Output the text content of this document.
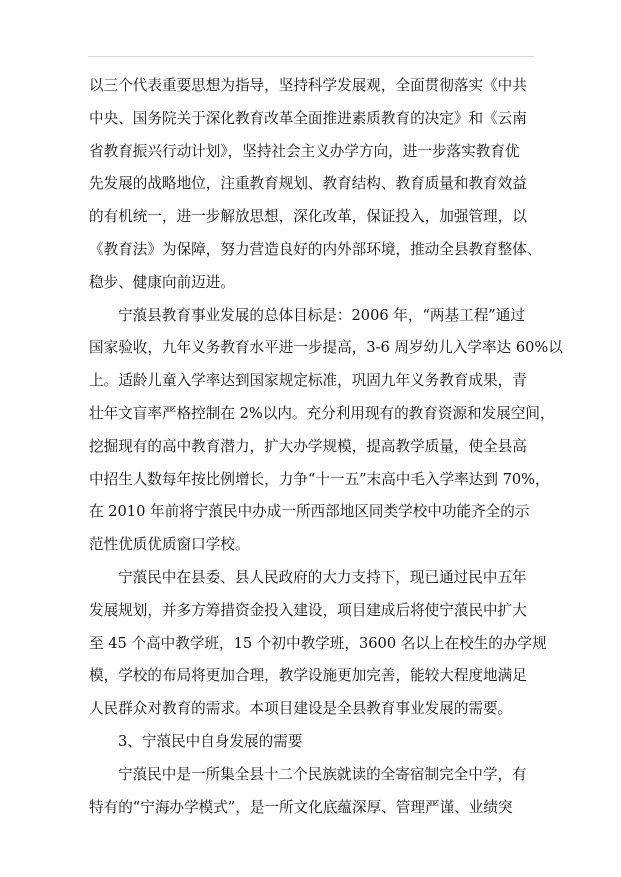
以三个代表重要思想为指导，坚持科学发展观，全面贯彻落实《中共
中央、国务院关于深化教育改革全面推进素质教育的决定》和《云南
省教育振兴行动计划》，坚持社会主义办学方向，进一步落实教育优
先发展的战略地位，注重教育规划、教育结构、教育质量和教育效益
的有机统一，进一步解放思想，深化改革，保证投入，加强管理，以
《教育法》为保障，努力营造良好的内外部环境，推动全县教育整体、
稳步、健康向前迈进。
宁蒗县教育事业发展的总体目标是：2006 年，“两基工程”通过
国家验收，九年义务教育水平进一步提高，3-6 周岁幼儿入学率达 60%以
上。适龄儿童入学率达到国家规定标准，巩固九年义务教育成果，青
壮年文盲率严格控制在 2%以内。充分利用现有的教育资源和发展空间，
挖掘现有的高中教育潜力，扩大办学规模，提高教学质量，使全县高
中招生人数每年按比例增长，力争“十一五”末高中毛入学率达到 70%，
在 2010 年前将宁蒗民中办成一所西部地区同类学校中功能齐全的示
范性优质优质窗口学校。
宁蒗民中在县委、县人民政府的大力支持下，现已通过民中五年
发展规划，并多方筹措资金投入建设，项目建成后将使宁蒗民中扩大
至 45 个高中教学班，15 个初中教学班，3600 名以上在校生的办学规
模，学校的布局将更加合理，教学设施更加完善，能较大程度地满足
人民群众对教育的需求。本项目建设是全县教育事业发展的需要。
3、宁蒗民中自身发展的需要
宁蒗民中是一所集全县十二个民族就读的全寄宿制完全中学，有
特有的“宁海办学模式”，是一所文化底蕴深厚、管理严谨、业绩突
